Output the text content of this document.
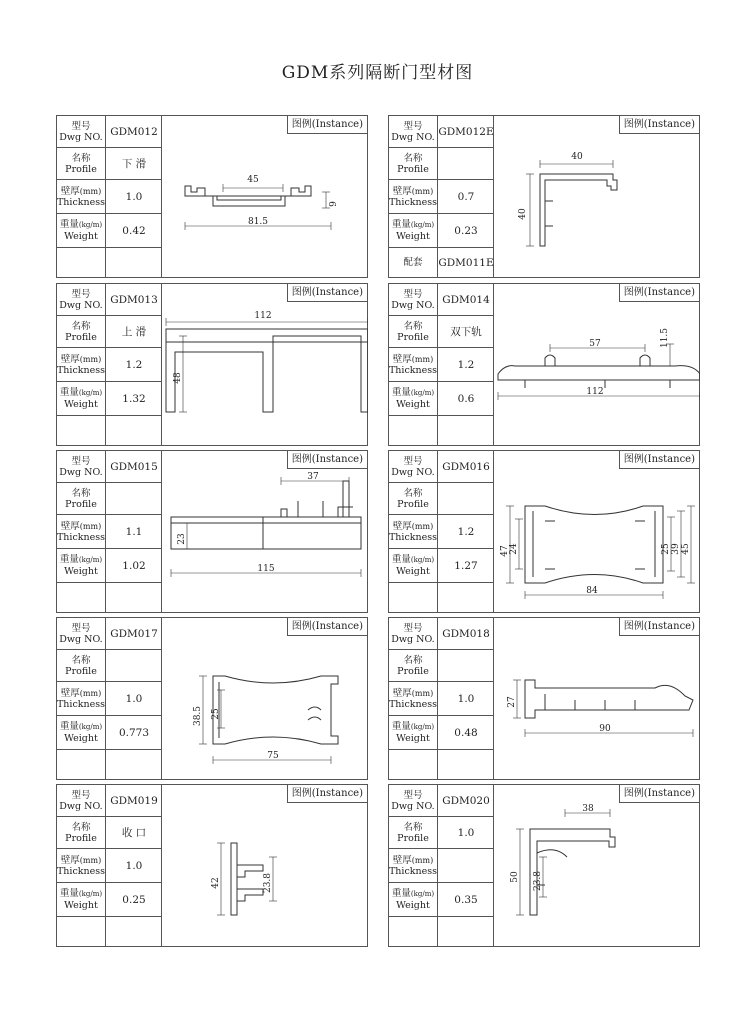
GDM系列隔断门型材图
型号
Dwg NO. GDM012
名称
Profile	下 滑
壁厚(mm)
Thickness	1.0
重量(kg/m)
Weight	0.42
图例(Instance)
45
81.5
9
型号
Dwg NO. GDM012E
名称
Profile
壁厚(mm)
Thickness	0.7
重量(kg/m)
Weight	0.23
配套 GDM011E
图例(Instance)
40
40
型号
Dwg NO. GDM013
名称
Profile	上 滑
壁厚(mm)
Thickness	1.2
重量(kg/m)
Weight	1.32
图例(Instance)
112
48
型号
Dwg NO. GDM014
名称
Profile	双下轨
壁厚(mm)
Thickness	1.2
重量(kg/m)
Weight	0.6
图例(Instance)
57	11.5
112
型号
Dwg NO. GDM015
名称
Profile
壁厚(mm)
Thickness	1.1
重量(kg/m)
Weight	1.02
图例(Instance)
37
23
115
型号
Dwg NO. GDM016
名称
Profile
壁厚(mm)
Thickness	1.2
重量(kg/m)
Weight	1.27
图例(Instance)
47 24	25 39 45
84
型号
Dwg NO. GDM017
名称
Profile
壁厚(mm)
Thickness	1.0
重量(kg/m)
Weight	0.773
图例(Instance)
38.5 25
75
型号
Dwg NO. GDM018
名称
Profile
壁厚(mm)
Thickness	1.0
重量(kg/m)
Weight	0.48
图例(Instance)
27
90
型号
Dwg NO. GDM019
名称
Profile	收 口
壁厚(mm)
Thickness	1.0
重量(kg/m)
Weight	0.25
图例(Instance)
42	23.8
型号
Dwg NO. GDM020
名称
Profile	1.0
壁厚(mm)
Thickness
重量(kg/m)
Weight	0.35
图例(Instance)
38
50 23.8
